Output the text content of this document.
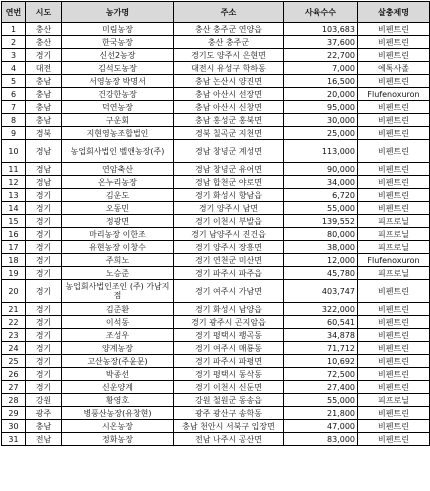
연번	시도	농가명	주소	사육수수	살충제명
1	충산	미림농장	충산 충주군 연양읍	103,683	비펜트린
2	충산	한국농장	충산 충주군	37,600	비펜트린
3	경기	신선2농장	경기도 양주시 은현면	22,700	비펜트린
4	대전	김석도농장	대전시 유성구 학하동	7,000	에톡사졸
5	충남	서영농장 박명서	충남 논산시 양진면	16,500	비펜트린
6	충남	건강한농장	충남 아산시 선장면	20,000	Flufenoxuron
7	충남	덕연농장	충남 아산시 신창면	95,000	비펜트린
8	충남	구운회	충남 홍성군 홍북면	30,000	비펜트린
9	경북	지현영농조합법인	경북 칠곡군 지천면	25,000	비펜트린
10	경남	농업회사법인 벨앤농장(주)	경남 창녕군 계성면	113,000	비펜트린
11	경남	연암축산	경남 창녕군 유어면	90,000	비펜트린
12	경남	온누리농장	경남 합천군 야로면	34,000	비펜트린
13	경기	김운도	경기 화성시 향남읍	6,720	비펜트린
14	경기	오동민	경기 양주시 남면	55,000	비펜트린
15	경기	정광면	경기 이천시 부발읍	139,552	피프로닐
16	경기	마리농장 이한조	경기 남양주시 진건읍	80,000	피프로닐
17	경기	유현농장 이창수	경기 양주시 장흥면	38,000	피프로닐
18	경기	주희노	경기 연천군 미산면	12,000	Flufenoxuron
19	경기	노승준	경기 파주시 파주읍	45,780	피프로닐
20	경기	농업회사법인조인 (주) 가남지점	경기 여주시 가남면	403,747	비펜트린
21	경기	김준환	경기 화성시 남양읍	322,000	비펜트린
22	경기	이석동	경기 광주시 곤지암읍	60,541	비펜트린
23	경기	조성우	경기 평택시 팽곡동	34,878	비펜트린
24	경기	양계농장	경기 여주시 매룡동	71,712	비펜트린
25	경기	고산농장(주윤문)	경기 파주시 파평면	10,692	비펜트린
26	경기	박종선	경기 평택시 동삭동	72,500	비펜트린
27	경기	신운양계	경기 이천시 신둔면	27,400	비펜트린
28	강원	황영호	강원 철원군 동송읍	55,000	피프로닐
29	광주	병풍산농장(유창현)	광주 광산구 송학동	21,800	비펜트린
30	충남	시온농장	충남 천안시 서북구 입장면	47,000	비펜트린
31	전남	정화농장	전남 나주시 공산면	83,000	비펜트린
